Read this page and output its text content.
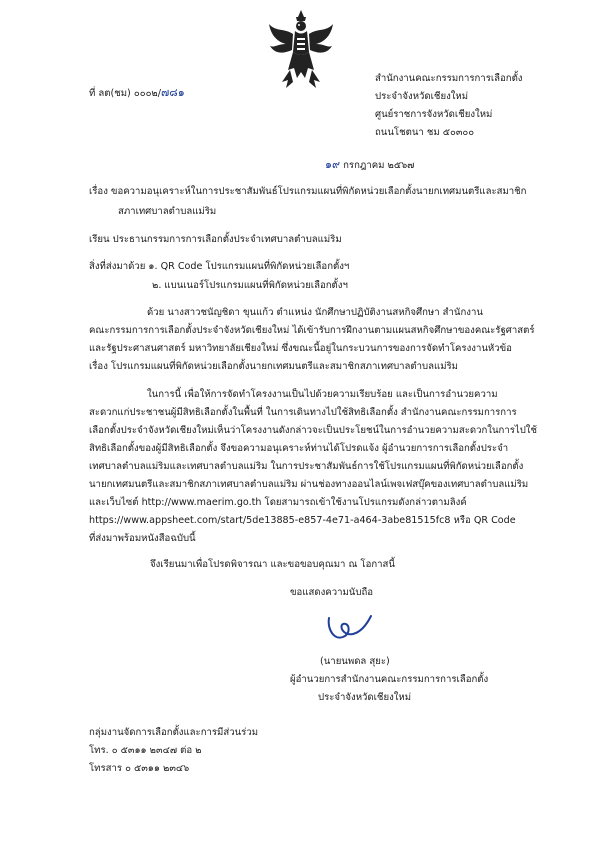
ที่ ลต(ชม) ๐๐๐๒/๗๘๑
สำนักงานคณะกรรมการการเลือกตั้ง
ประจำจังหวัดเชียงใหม่
ศูนย์ราชการจังหวัดเชียงใหม่
ถนนโชตนา ชม ๕๐๓๐๐
๑๙ กรกฎาคม ๒๕๖๗
เรื่อง ขอความอนุเคราะห์ในการประชาสัมพันธ์โปรแกรมแผนที่พิกัดหน่วยเลือกตั้งนายกเทศมนตรีและสมาชิก
สภาเทศบาลตำบลแม่ริม
เรียน ประธานกรรมการการเลือกตั้งประจำเทศบาลตำบลแม่ริม
สิ่งที่ส่งมาด้วย ๑. QR Code โปรแกรมแผนที่พิกัดหน่วยเลือกตั้งฯ
๒. แบนเนอร์โปรแกรมแผนที่พิกัดหน่วยเลือกตั้งฯ
ด้วย นางสาวชนัญชิดา ขุนแก้ว ตำแหน่ง นักศึกษาปฏิบัติงานสหกิจศึกษา สำนักงาน
คณะกรรมการการเลือกตั้งประจำจังหวัดเชียงใหม่ ได้เข้ารับการฝึกงานตามแผนสหกิจศึกษาของคณะรัฐศาสตร์
และรัฐประศาสนศาสตร์ มหาวิทยาลัยเชียงใหม่ ซึ่งขณะนี้อยู่ในกระบวนการของการจัดทำโครงงานหัวข้อ
เรื่อง โปรแกรมแผนที่พิกัดหน่วยเลือกตั้งนายกเทศมนตรีและสมาชิกสภาเทศบาลตำบลแม่ริม
ในการนี้ เพื่อให้การจัดทำโครงงานเป็นไปด้วยความเรียบร้อย และเป็นการอำนวยความ
สะดวกแก่ประชาชนผู้มีสิทธิเลือกตั้งในพื้นที่ ในการเดินทางไปใช้สิทธิเลือกตั้ง สำนักงานคณะกรรมการการ
เลือกตั้งประจำจังหวัดเชียงใหม่เห็นว่าโครงงานดังกล่าวจะเป็นประโยชน์ในการอำนวยความสะดวกในการไปใช้
สิทธิเลือกตั้งของผู้มีสิทธิเลือกตั้ง จึงขอความอนุเคราะห์ท่านได้โปรดแจ้ง ผู้อำนวยการการเลือกตั้งประจำ
เทศบาลตำบลแม่ริมและเทศบาลตำบลแม่ริม ในการประชาสัมพันธ์การใช้โปรแกรมแผนที่พิกัดหน่วยเลือกตั้ง
นายกเทศมนตรีและสมาชิกสภาเทศบาลตำบลแม่ริม ผ่านช่องทางออนไลน์เพจเฟสบุ๊คของเทศบาลตำบลแม่ริม
และเว็บไซต์ http://www.maerim.go.th โดยสามารถเข้าใช้งานโปรแกรมดังกล่าวตามลิงค์
https://www.appsheet.com/start/5de13885-e857-4e71-a464-3abe81515fc8 หรือ QR Code
ที่ส่งมาพร้อมหนังสือฉบับนี้
จึงเรียนมาเพื่อโปรดพิจารณา และขอขอบคุณมา ณ โอกาสนี้
ขอแสดงความนับถือ
(นายนพดล สุยะ)
ผู้อำนวยการสำนักงานคณะกรรมการการเลือกตั้ง
ประจำจังหวัดเชียงใหม่
กลุ่มงานจัดการเลือกตั้งและการมีส่วนร่วม
โทร. ๐ ๕๓๑๑ ๒๓๔๗ ต่อ ๒
โทรสาร ๐ ๕๓๑๑ ๒๓๔๖
